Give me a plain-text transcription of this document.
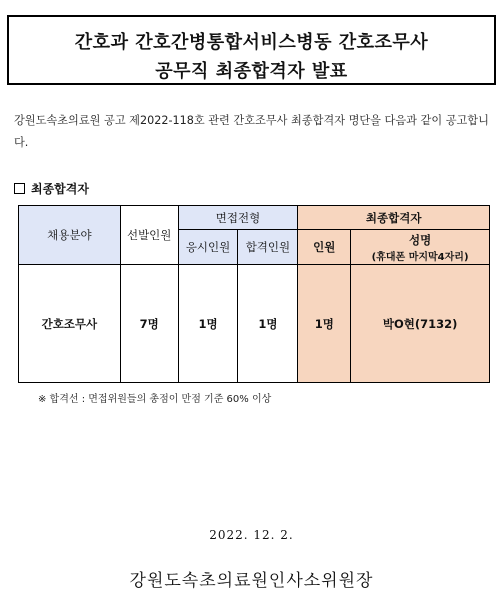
간호과 간호간병통합서비스병동 간호조무사
공무직 최종합격자 발표
강원도속초의료원 공고 제2022-118호 관련 간호조무사 최종합격자 명단을 다음과 같이 공고합니다.
최종합격자
채용분야	선발인원	면접전형		최종합격자	
		응시인원	합격인원	인원	성명
(휴대폰 마지막4자리)

간호조무사	7명	1명	1명	1명	박O현(7132)
※ 합격선 : 면접위원들의 총점이 만점 기준 60% 이상
2022. 12. 2.
강원도속초의료원인사소위원장
